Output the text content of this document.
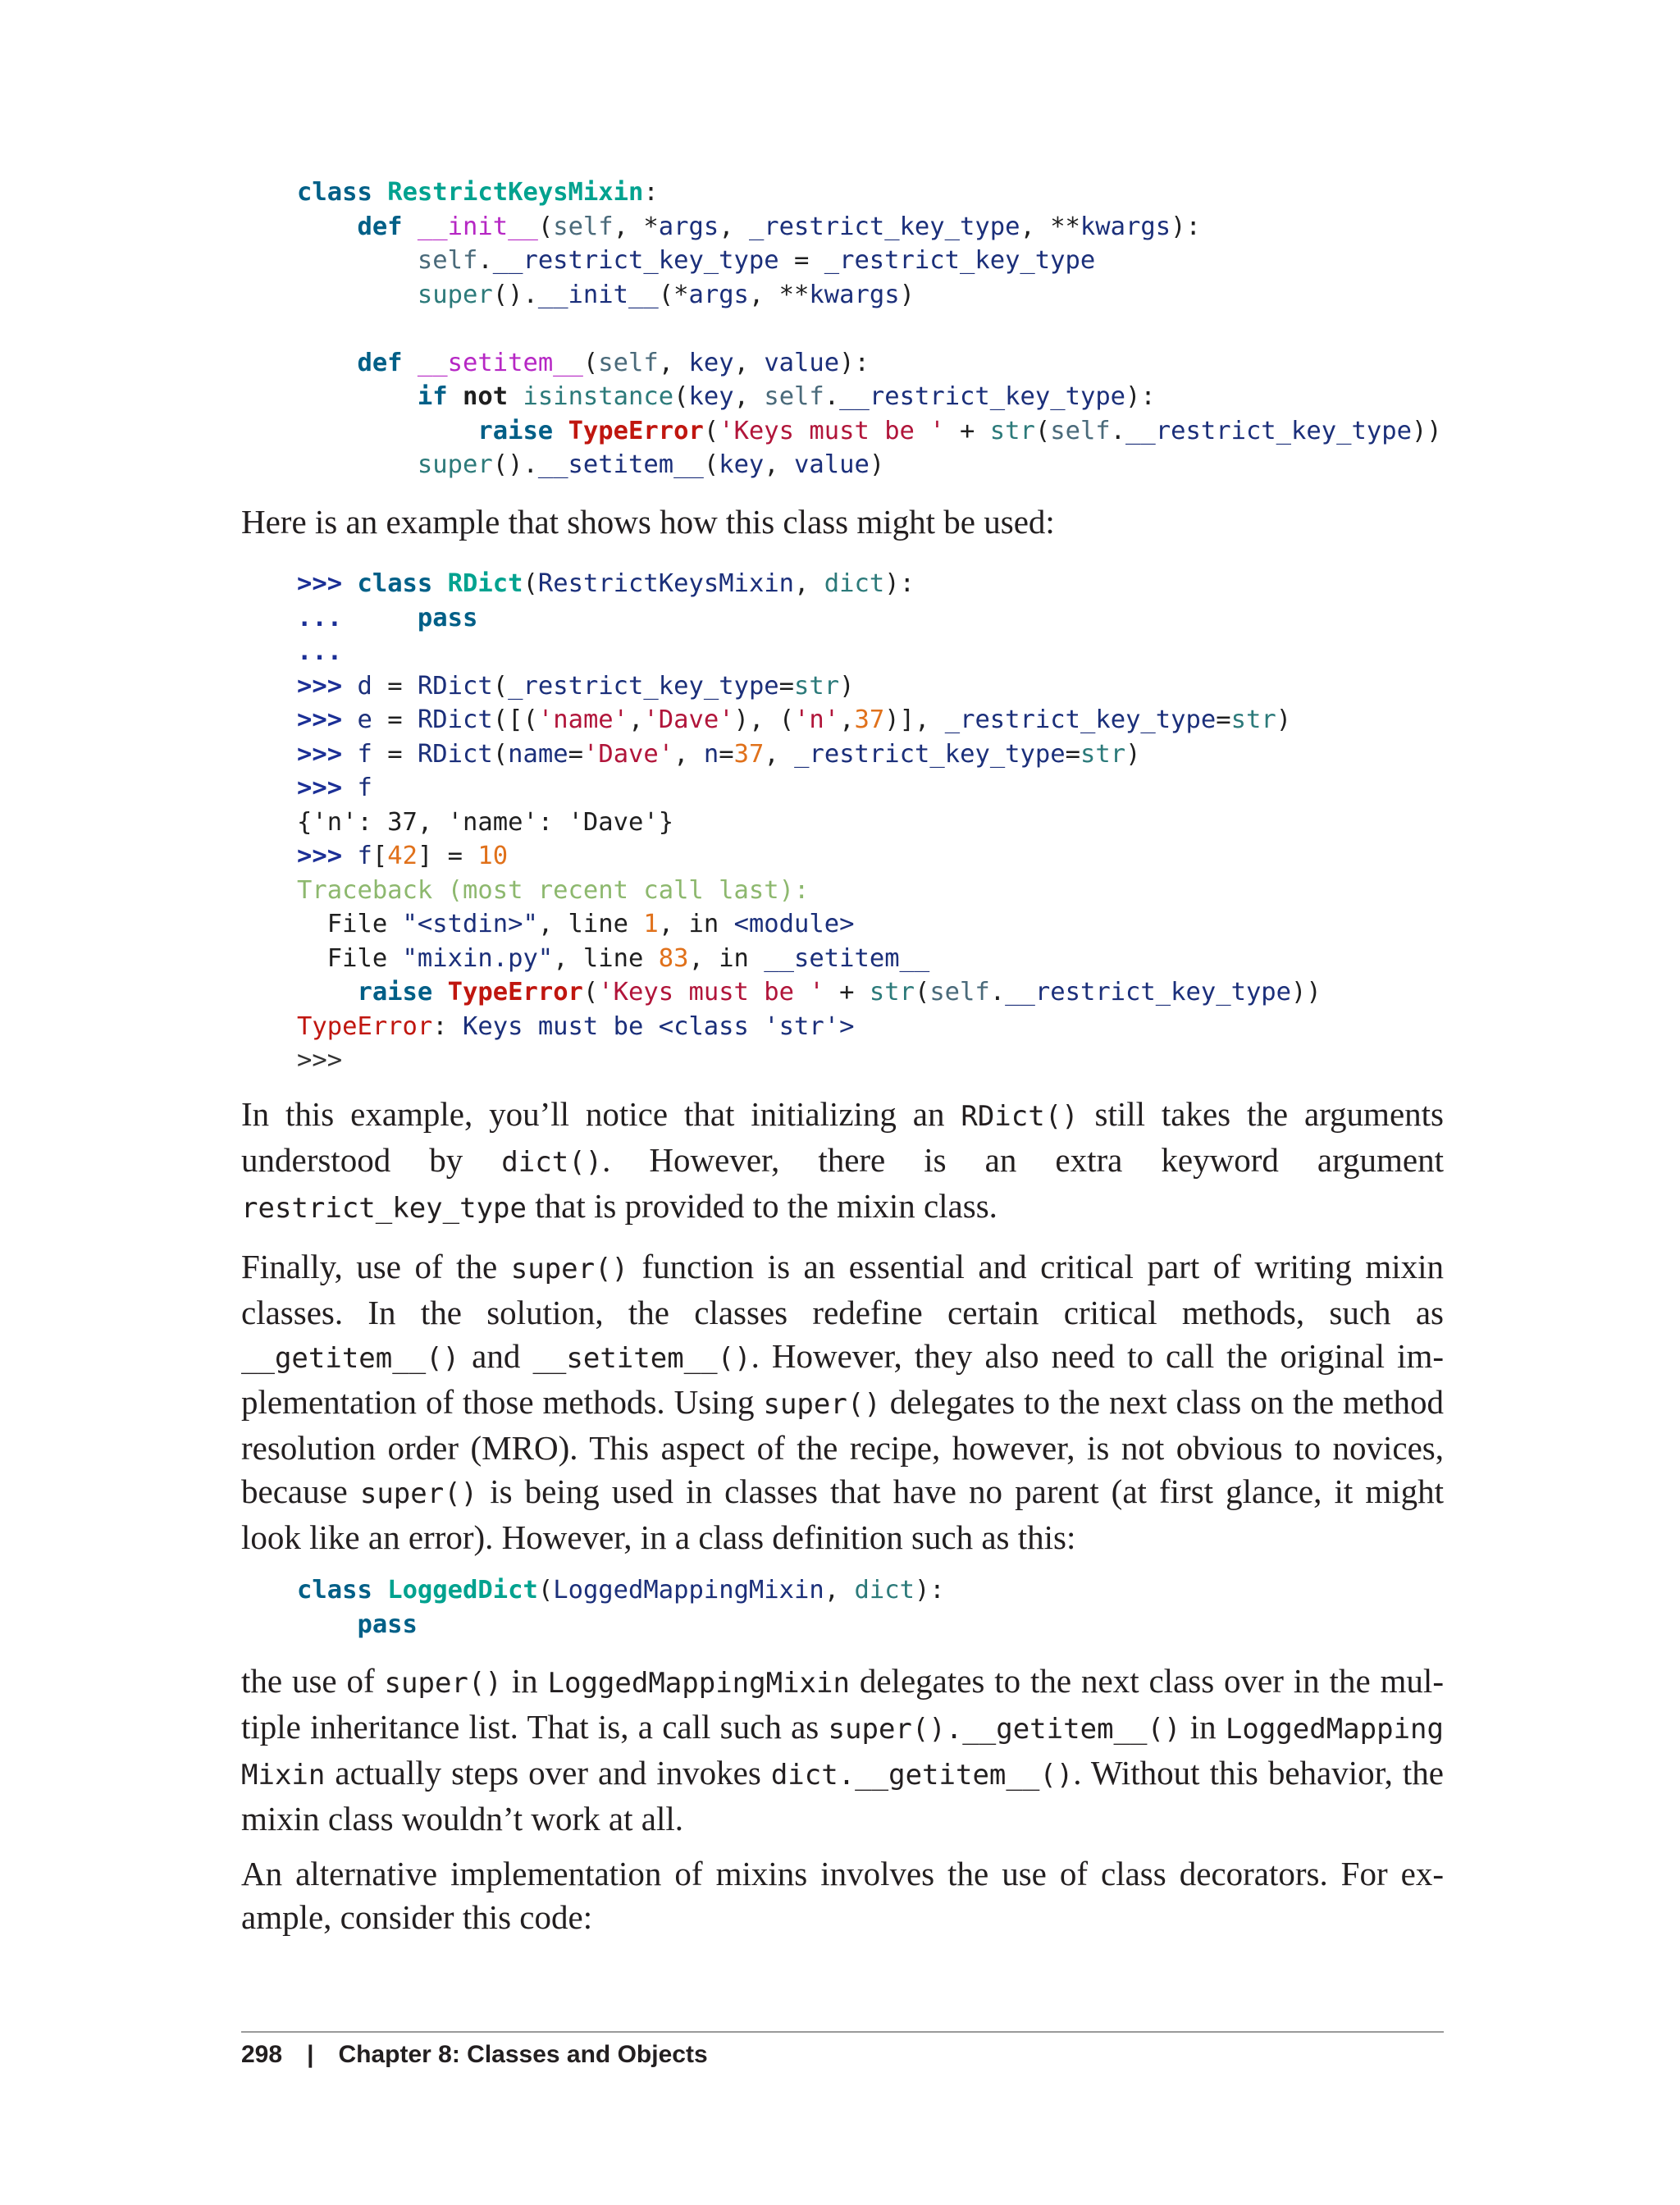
class RestrictKeysMixin:
def __init__(self, *args, _restrict_key_type, **kwargs):
self.__restrict_key_type = _restrict_key_type
super().__init__(*args, **kwargs)

def __setitem__(self, key, value):
if not isinstance(key, self.__restrict_key_type):
raise TypeError('Keys must be ' + str(self.__restrict_key_type))
super().__setitem__(key, value)

Here is an example that shows how this class might be used:

>>> class RDict(RestrictKeysMixin, dict):
...	pass
...
>>> d = RDict(_restrict_key_type=str)
>>> e = RDict([('name','Dave'), ('n',37)], _restrict_key_type=str)
>>> f = RDict(name='Dave', n=37, _restrict_key_type=str)
>>> f
{'n': 37, 'name': 'Dave'}
>>> f[42] = 10
Traceback (most recent call last):
File "<stdin>", line 1, in <module>
File "mixin.py", line 83, in __setitem__
raise TypeError('Keys must be ' + str(self.__restrict_key_type))
TypeError: Keys must be <class 'str'>
>>>

In this example, you’ll notice that initializing an RDict() still takes the arguments understood by dict(). However, there is an extra keyword argument restrict_key_type that is provided to the mixin class.

Finally, use of the super() function is an essential and critical part of writing mixin classes. In the solution, the classes redefine certain critical methods, such as __getitem__() and __setitem__(). However, they also need to call the original implementation of those methods. Using super() delegates to the next class on the method resolution order (MRO). This aspect of the recipe, however, is not obvious to novices, because super() is being used in classes that have no parent (at first glance, it might look like an error). However, in a class definition such as this:

class LoggedDict(LoggedMappingMixin, dict):
pass

the use of super() in LoggedMappingMixin delegates to the next class over in the multiple inheritance list. That is, a call such as super().__getitem__() in LoggedMapping Mixin actually steps over and invokes dict.__getitem__(). Without this behavior, the mixin class wouldn’t work at all.

An alternative implementation of mixins involves the use of class decorators. For example, consider this code:

298 | Chapter 8: Classes and Objects
